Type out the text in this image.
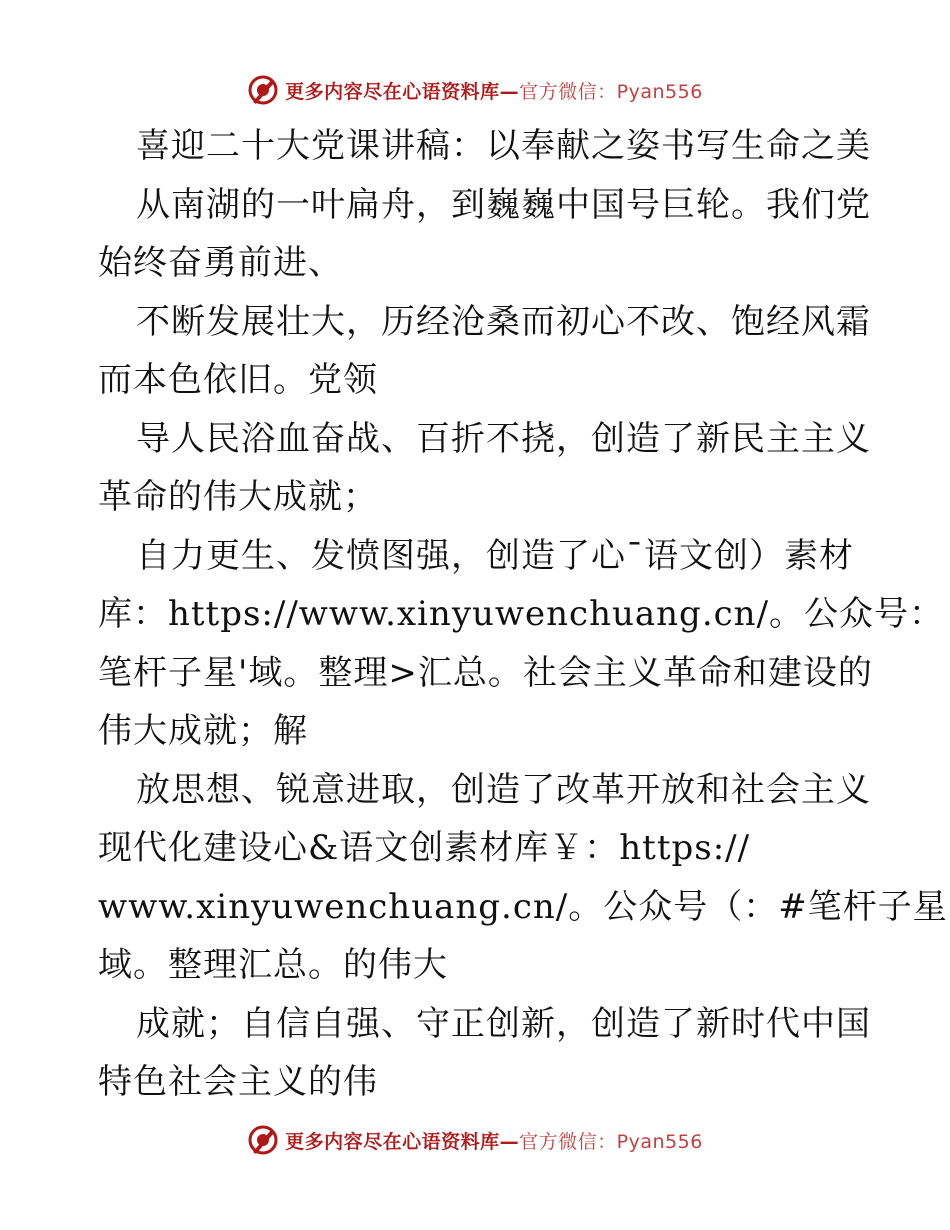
更多内容尽在心语资料库—官方微信：Pyan556
喜迎二十大党课讲稿：以奉献之姿书写生命之美
从南湖的一叶扁舟，到巍巍中国号巨轮。我们党
始终奋勇前进、
不断发展壮大，历经沧桑而初心不改、饱经风霜
而本色依旧。党领
导人民浴血奋战、百折不挠，创造了新民主主义
革命的伟大成就；
自力更生、发愤图强，创造了心¯语文创）素材
库：https://www.xinyuwenchuang.cn/。公众号：
笔杆子星'域。整理>汇总。社会主义革命和建设的
伟大成就；解
放思想、锐意进取，创造了改革开放和社会主义
现代化建设心&语文创素材库￥：https://
www.xinyuwenchuang.cn/。公众号（：#笔杆子星
域。整理汇总。的伟大
成就；自信自强、守正创新，创造了新时代中国
特色社会主义的伟
更多内容尽在心语资料库—官方微信：Pyan556
